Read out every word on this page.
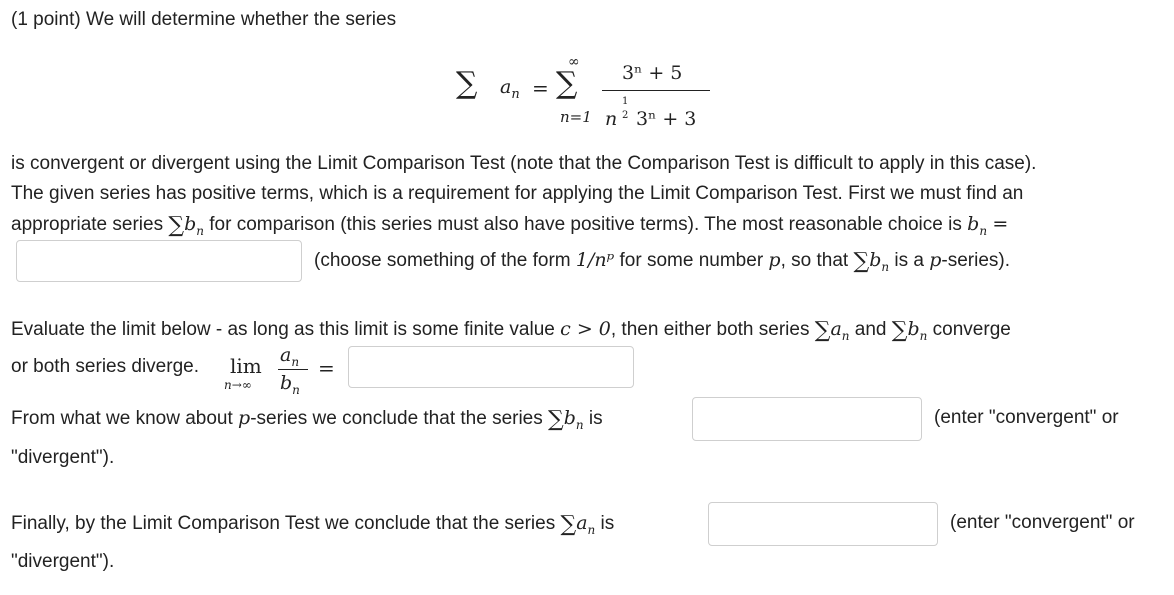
(1 point) We will determine whether the series
∑ $a_n$ =
∞
∑
n=1
3ⁿ + 5
n
1
2 3ⁿ + 3
is convergent or divergent using the Limit Comparison Test (note that the Comparison Test is difficult to apply in this case).
The given series has positive terms, which is a requirement for applying the Limit Comparison Test. First we must find an
appropriate series $\sum b_n$ for comparison (this series must also have positive terms). The most reasonable choice is $b_n$ =
(choose something of the form 1/nᵖ for some number p, so that $\sum b_n$ is a p-series).
Evaluate the limit below - as long as this limit is some finite value c > 0, then either both series $\sum a_n$ and $\sum b_n$ converge
or both series diverge. lim
n→∞
$a_n$
$b_n$
=
From what we know about p-series we conclude that the series $\sum b_n$ is	(enter "convergent" or
"divergent").
Finally, by the Limit Comparison Test we conclude that the series $\sum a_n$ is	(enter "convergent" or
"divergent").
